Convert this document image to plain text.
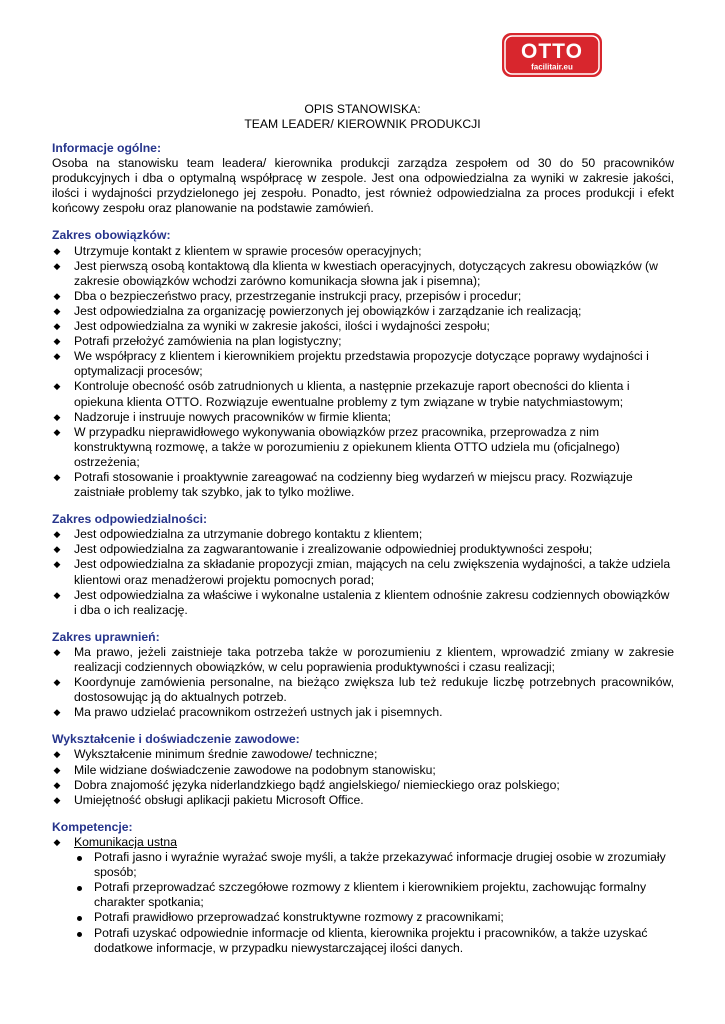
OTTO
facilitair.eu
OPIS STANOWISKA:
TEAM LEADER/ KIEROWNIK PRODUKCJI

Informacje ogólne:

Osoba na stanowisku team leadera/ kierownika produkcji zarządza zespołem od 30 do 50 pracowników produkcyjnych i dba o optymalną współpracę w zespole. Jest ona odpowiedzialna za wyniki w zakresie jakości, ilości i wydajności przydzielonego jej zespołu. Ponadto, jest również odpowiedzialna za proces produkcji i efekt końcowy zespołu oraz planowanie na podstawie zamówień.

Zakres obowiązków:

◆ Utrzymuje kontakt z klientem w sprawie procesów operacyjnych;
◆ Jest pierwszą osobą kontaktową dla klienta w kwestiach operacyjnych, dotyczących zakresu obowiązków (w zakresie obowiązków wchodzi zarówno komunikacja słowna jak i pisemna);
◆ Dba o bezpieczeństwo pracy, przestrzeganie instrukcji pracy, przepisów i procedur;
◆ Jest odpowiedzialna za organizację powierzonych jej obowiązków i zarządzanie ich realizacją;
◆ Jest odpowiedzialna za wyniki w zakresie jakości, ilości i wydajności zespołu;
◆ Potrafi przełożyć zamówienia na plan logistyczny;
◆ We współpracy z klientem i kierownikiem projektu przedstawia propozycje dotyczące poprawy wydajności i optymalizacji procesów;
◆ Kontroluje obecność osób zatrudnionych u klienta, a następnie przekazuje raport obecności do klienta i opiekuna klienta OTTO. Rozwiązuje ewentualne problemy z tym związane w trybie natychmiastowym;
◆ Nadzoruje i instruuje nowych pracowników w firmie klienta;
◆ W przypadku nieprawidłowego wykonywania obowiązków przez pracownika, przeprowadza z nim konstruktywną rozmowę, a także w porozumieniu z opiekunem klienta OTTO udziela mu (oficjalnego) ostrzeżenia;
◆ Potrafi stosowanie i proaktywnie zareagować na codzienny bieg wydarzeń w miejscu pracy. Rozwiązuje zaistniałe problemy tak szybko, jak to tylko możliwe.

Zakres odpowiedzialności:

◆ Jest odpowiedzialna za utrzymanie dobrego kontaktu z klientem;
◆ Jest odpowiedzialna za zagwarantowanie i zrealizowanie odpowiedniej produktywności zespołu;
◆ Jest odpowiedzialna za składanie propozycji zmian, mających na celu zwiększenia wydajności, a także udziela klientowi oraz menadżerowi projektu pomocnych porad;
◆ Jest odpowiedzialna za właściwe i wykonalne ustalenia z klientem odnośnie zakresu codziennych obowiązków i dba o ich realizację.

Zakres uprawnień:

◆ Ma prawo, jeżeli zaistnieje taka potrzeba także w porozumieniu z klientem, wprowadzić zmiany w zakresie realizacji codziennych obowiązków, w celu poprawienia produktywności i czasu realizacji;
◆ Koordynuje zamówienia personalne, na bieżąco zwiększa lub też redukuje liczbę potrzebnych pracowników, dostosowując ją do aktualnych potrzeb.
◆ Ma prawo udzielać pracownikom ostrzeżeń ustnych jak i pisemnych.

Wykształcenie i doświadczenie zawodowe:

◆ Wykształcenie minimum średnie zawodowe/ techniczne;
◆ Mile widziane doświadczenie zawodowe na podobnym stanowisku;
◆ Dobra znajomość języka niderlandzkiego bądź angielskiego/ niemieckiego oraz polskiego;
◆ Umiejętność obsługi aplikacji pakietu Microsoft Office.

Kompetencje:

◆ Komunikacja ustna
Potrafi jasno i wyraźnie wyrażać swoje myśli, a także przekazywać informacje drugiej osobie w zrozumiały sposób;
Potrafi przeprowadzać szczegółowe rozmowy z klientem i kierownikiem projektu, zachowując formalny charakter spotkania;
Potrafi prawidłowo przeprowadzać konstruktywne rozmowy z pracownikami;
Potrafi uzyskać odpowiednie informacje od klienta, kierownika projektu i pracowników, a także uzyskać dodatkowe informacje, w przypadku niewystarczającej ilości danych.
